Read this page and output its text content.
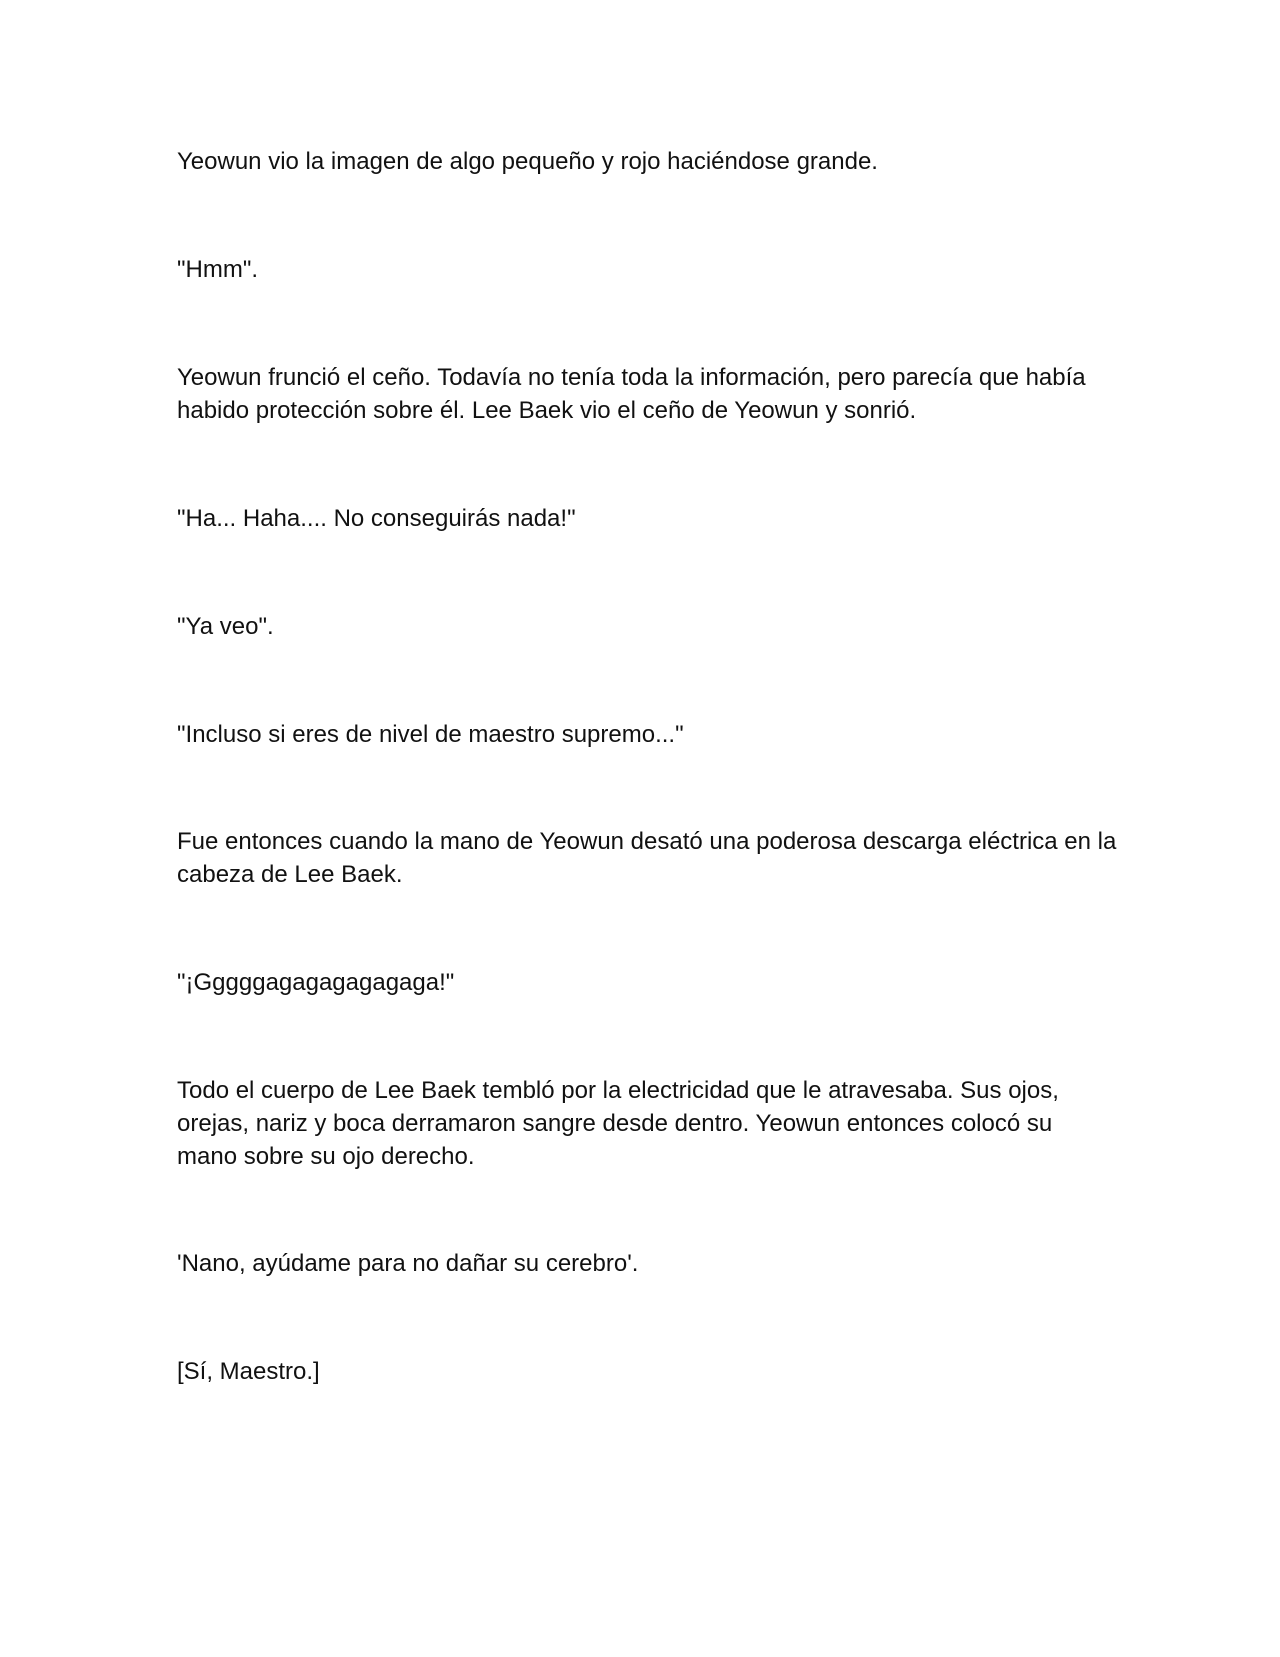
Yeowun vio la imagen de algo pequeño y rojo haciéndose grande.

"Hmm".

Yeowun frunció el ceño. Todavía no tenía toda la información, pero parecía que había habido protección sobre él. Lee Baek vio el ceño de Yeowun y sonrió.

"Ha... Haha.... No conseguirás nada!"

"Ya veo".

"Incluso si eres de nivel de maestro supremo..."

Fue entonces cuando la mano de Yeowun desató una poderosa descarga eléctrica en la cabeza de Lee Baek.

"¡Gggggagagagagagaga!"

Todo el cuerpo de Lee Baek tembló por la electricidad que le atravesaba. Sus ojos, orejas, nariz y boca derramaron sangre desde dentro. Yeowun entonces colocó su mano sobre su ojo derecho.

'Nano, ayúdame para no dañar su cerebro'.

[Sí, Maestro.]
